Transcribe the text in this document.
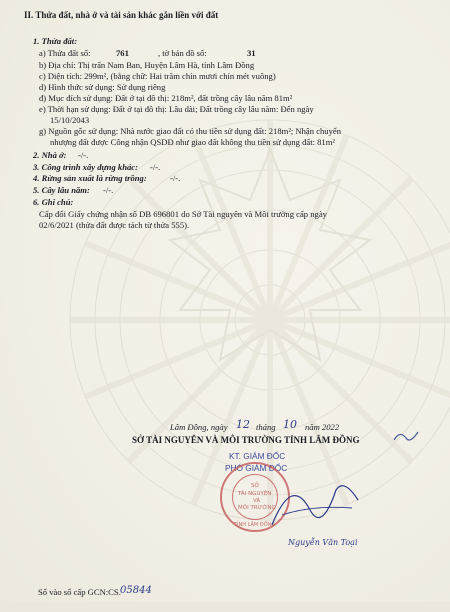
II. Thửa đất, nhà ở và tài sản khác gắn liền với đất
1. Thửa đất:
a) Thửa đất số:	761	, tờ bản đồ số:	31
b) Địa chỉ: Thị trấn Nam Ban, Huyện Lâm Hà, tỉnh Lâm Đồng
c) Diện tích: 299m², (bằng chữ: Hai trăm chín mươi chín mét vuông)
d) Hình thức sử dụng: Sử dụng riêng
đ) Mục đích sử dụng: Đất ở tại đô thị: 218m², đất trồng cây lâu năm 81m²
e) Thời hạn sử dụng: Đất ở tại đô thị: Lâu dài; Đất trồng cây lâu năm: Đến ngày
15/10/2043
g) Nguồn gốc sử dụng: Nhà nước giao đất có thu tiền sử dụng đất: 218m²; Nhận chuyển
nhượng đất được Công nhận QSDĐ như giao đất không thu tiền sử dụng đất: 81m²
2. Nhà ở: -/-.
3. Công trình xây dựng khác: -/-.
4. Rừng sản xuất là rừng trồng:	-/-.
5. Cây lâu năm: -/-.
6. Ghi chú:
Cấp đổi Giấy chứng nhận số DB 696801 do Sở Tài nguyên và Môi trường cấp ngày
02/6/2021 (thửa đất được tách từ thửa 555).
Lâm Đồng, ngày 12 tháng 10 năm 2022
SỞ TÀI NGUYÊN VÀ MÔI TRƯỜNG TỈNH LÂM ĐỒNG
KT. GIÁM ĐỐC
PHÓ GIÁM ĐỐC
SỞ
TÀI NGUYÊN
VÀ
MÔI TRƯỜNG
TỈNH LÂM ĐỒNG
Nguyễn Văn Toại
Số vào sổ cấp GCN:CS. 05844
